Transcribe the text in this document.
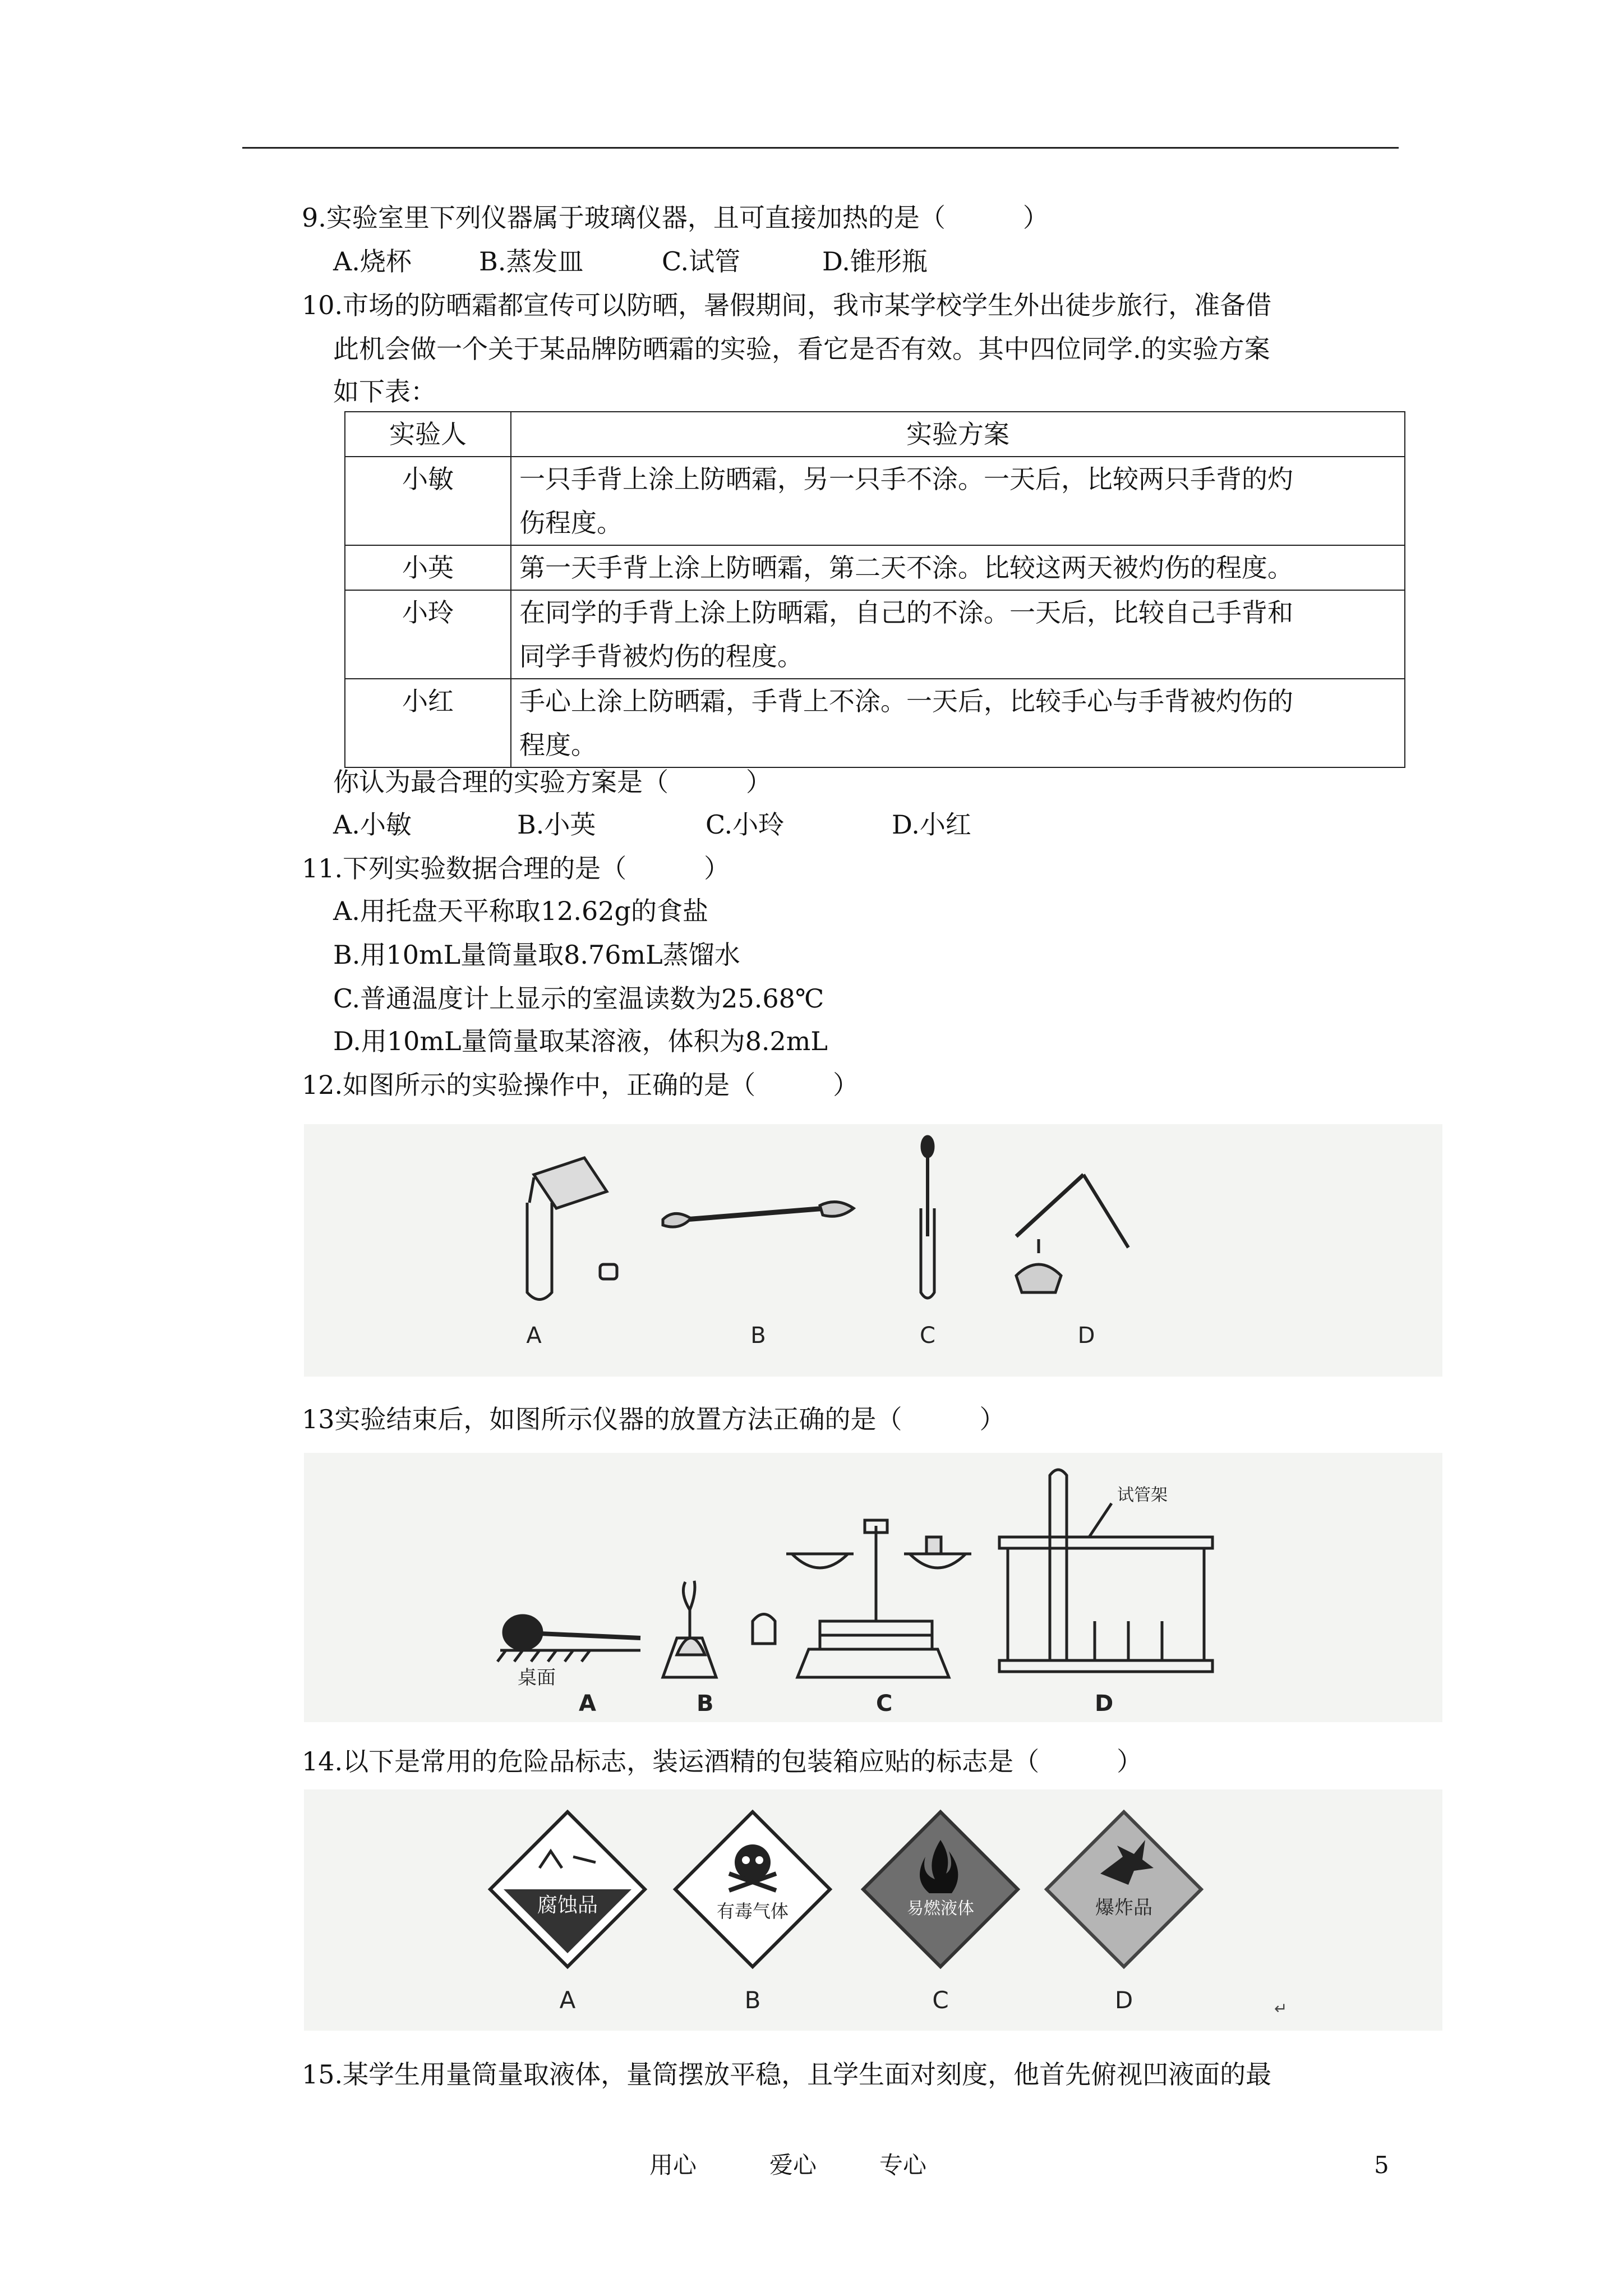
9.实验室里下列仪器属于玻璃仪器，且可直接加热的是（　　　）
A.烧杯	B.蒸发皿	C.试管	D.锥形瓶
10.市场的防晒霜都宣传可以防晒，暑假期间，我市某学校学生外出徒步旅行，准备借
此机会做一个关于某品牌防晒霜的实验，看它是否有效。其中四位同学.的实验方案
如下表：
实验人	实验方案
小敏	一只手背上涂上防晒霜，另一只手不涂。一天后，比较两只手背的灼
伤程度。

小英	第一天手背上涂上防晒霜，第二天不涂。比较这两天被灼伤的程度。

小玲	在同学的手背上涂上防晒霜，自己的不涂。一天后，比较自己手背和
同学手背被灼伤的程度。

小红	手心上涂上防晒霜，手背上不涂。一天后，比较手心与手背被灼伤的
程度。
你认为最合理的实验方案是（　　　）
A.小敏	B.小英	C.小玲	D.小红
11.下列实验数据合理的是（　　　）
A.用托盘天平称取12.62g的食盐
B.用10mL量筒量取8.76mL蒸馏水
C.普通温度计上显示的室温读数为25.68℃
D.用10mL量筒量取某溶液，体积为8.2mL
12.如图所示的实验操作中，正确的是（　　　）
A	B	C	D
13实验结束后，如图所示仪器的放置方法正确的是（　　　）
桌面
A	B	C
试管架
D
14.以下是常用的危险品标志，装运酒精的包装箱应贴的标志是（　　　）
腐蚀品
A
有毒气体
B
易燃液体
C
爆炸品
D	↵
15.某学生用量筒量取液体，量筒摆放平稳，且学生面对刻度，他首先俯视凹液面的最
用心	爱心	专心	5
